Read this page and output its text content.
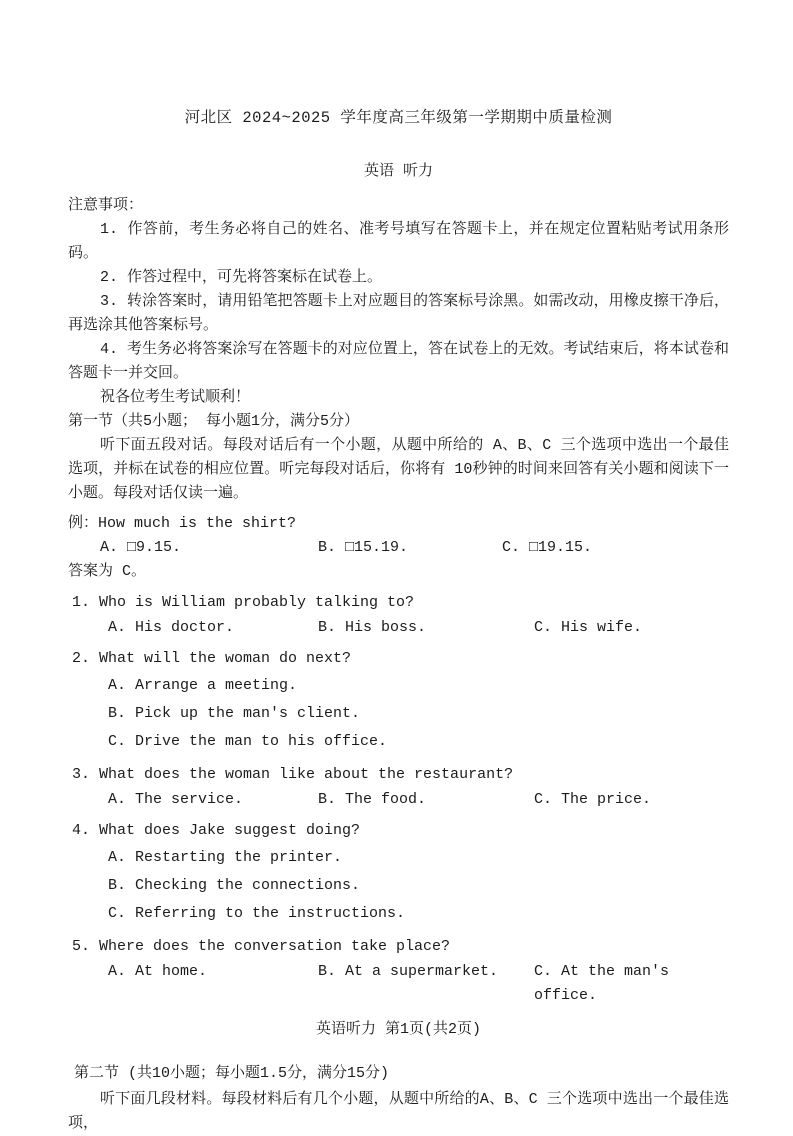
河北区 2024~2025 学年度高三年级第一学期期中质量检测
英语 听力
注意事项：

1. 作答前，考生务必将自己的姓名、准考号填写在答题卡上，并在规定位置粘贴考试用条形码。

2. 作答过程中，可先将答案标在试卷上。

3. 转涂答案时，请用铅笔把答题卡上对应题目的答案标号涂黑。如需改动，用橡皮擦干净后，再选涂其他答案标号。

4. 考生务必将答案涂写在答题卡的对应位置上，答在试卷上的无效。考试结束后，将本试卷和答题卡一并交回。

祝各位考生考试顺利！

第一节（共5小题； 每小题1分，满分5分）

听下面五段对话。每段对话后有一个小题，从题中所给的 A、B、C 三个选项中选出一个最佳选项，并标在试卷的相应位置。听完每段对话后，你将有 10秒钟的时间来回答有关小题和阅读下一小题。每段对话仅读一遍。

例：How much is the shirt?

A. □9.15.	B. □15.19.	C. □19.15.

答案为 C。

1. Who is William probably talking to?

A. His doctor.	B. His boss.	C. His wife.

2. What will the woman do next?

A. Arrange a meeting.

B. Pick up the man's client.

C. Drive the man to his office.

3. What does the woman like about the restaurant?

A. The service.	B. The food.	C. The price.

4. What does Jake suggest doing?

A. Restarting the printer.

B. Checking the connections.

C. Referring to the instructions.

5. Where does the conversation take place?

A. At home.	B. At a supermarket.	C. At the man's office.
英语听力 第1页(共2页)
第二节 (共10小题；每小题1.5分，满分15分)

听下面几段材料。每段材料后有几个小题，从题中所给的A、B、C 三个选项中选出一个最佳选项，
